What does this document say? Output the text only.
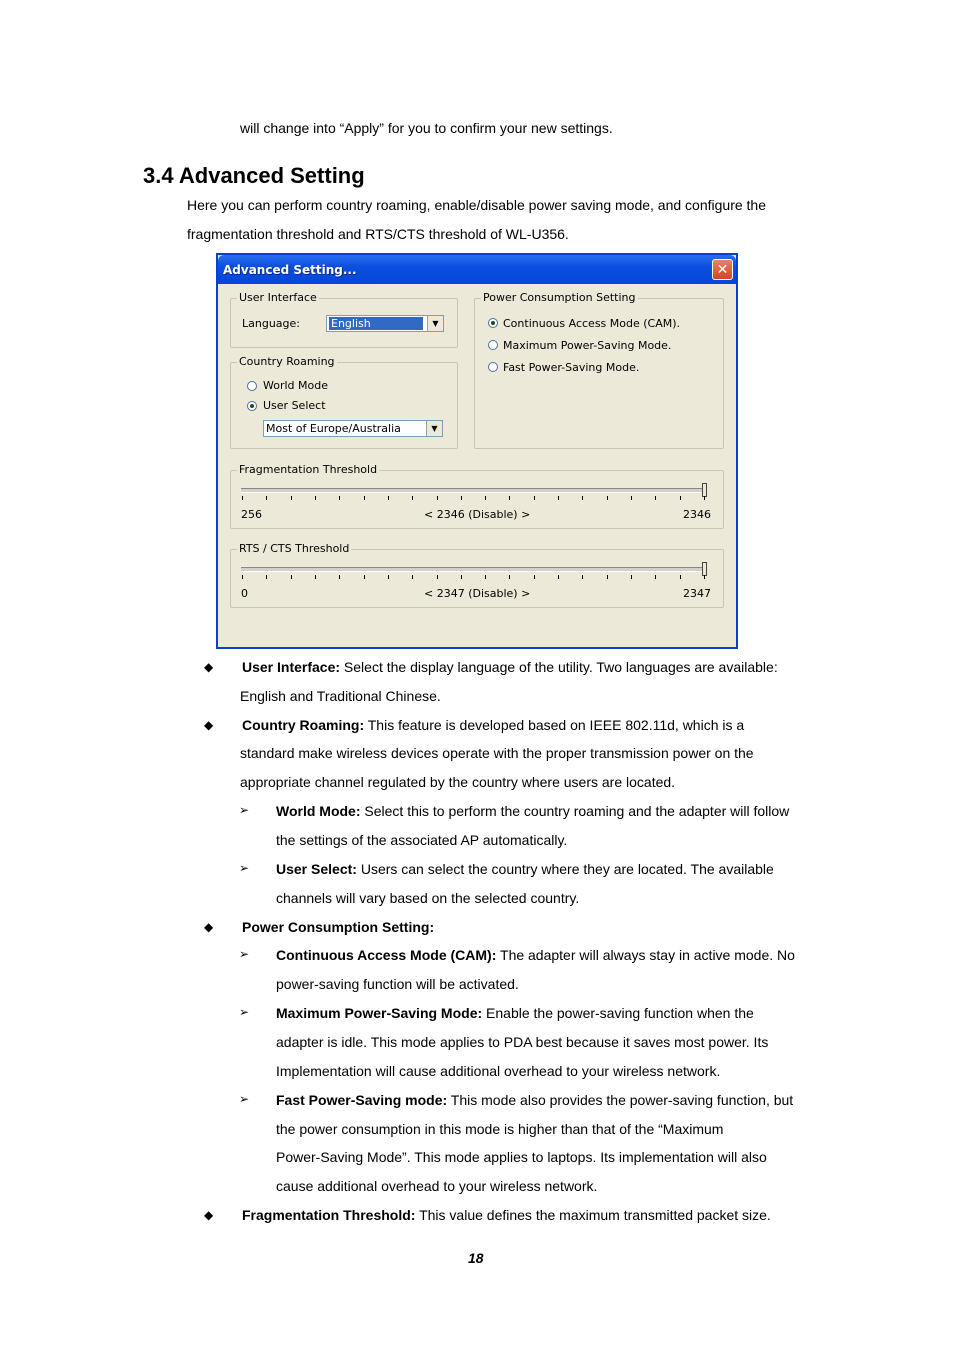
will change into “Apply” for you to confirm your new settings.
3.4 Advanced Setting
Here you can perform country roaming, enable/disable power saving mode, and configure the
fragmentation threshold and RTS/CTS threshold of WL-U356.
Advanced Setting...	✕
User Interface
Language:	English	▼
Country Roaming
World Mode
User Select
Most of Europe/Australia	▼
Power Consumption Setting
Continuous Access Mode (CAM).
Maximum Power-Saving Mode.
Fast Power-Saving Mode.
Fragmentation Threshold
256	< 2346 (Disable) >	2346
RTS / CTS Threshold
0	< 2347 (Disable) >	2347
◆ User Interface: Select the display language of the utility. Two languages are available:
English and Traditional Chinese.
◆ Country Roaming: This feature is developed based on IEEE 802.11d, which is a
standard make wireless devices operate with the proper transmission power on the
appropriate channel regulated by the country where users are located.
➢ World Mode: Select this to perform the country roaming and the adapter will follow
the settings of the associated AP automatically.
➢ User Select: Users can select the country where they are located. The available
channels will vary based on the selected country.
◆ Power Consumption Setting:
➢ Continuous Access Mode (CAM): The adapter will always stay in active mode. No
power-saving function will be activated.
➢ Maximum Power-Saving Mode: Enable the power-saving function when the
adapter is idle. This mode applies to PDA best because it saves most power. Its
Implementation will cause additional overhead to your wireless network.
➢ Fast Power-Saving mode: This mode also provides the power-saving function, but
the power consumption in this mode is higher than that of the “Maximum
Power-Saving Mode”. This mode applies to laptops. Its implementation will also
cause additional overhead to your wireless network.
◆ Fragmentation Threshold: This value defines the maximum transmitted packet size.
18
